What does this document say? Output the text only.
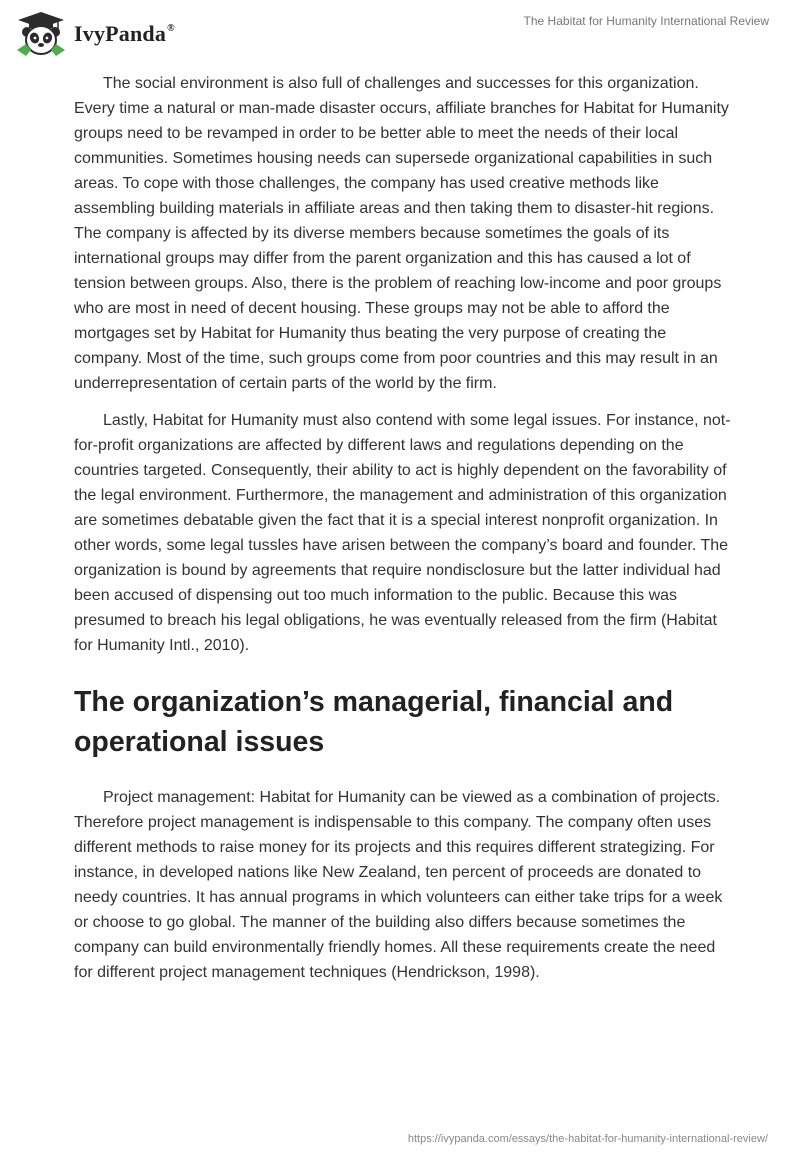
IvyPanda®
The Habitat for Humanity International Review

The social environment is also full of challenges and successes for this organization. Every time a natural or man-made disaster occurs, affiliate branches for Habitat for Humanity groups need to be revamped in order to be better able to meet the needs of their local communities. Sometimes housing needs can supersede organizational capabilities in such areas. To cope with those challenges, the company has used creative methods like assembling building materials in affiliate areas and then taking them to disaster-hit regions. The company is affected by its diverse members because sometimes the goals of its international groups may differ from the parent organization and this has caused a lot of tension between groups. Also, there is the problem of reaching low-income and poor groups who are most in need of decent housing. These groups may not be able to afford the mortgages set by Habitat for Humanity thus beating the very purpose of creating the company. Most of the time, such groups come from poor countries and this may result in an underrepresentation of certain parts of the world by the firm.

Lastly, Habitat for Humanity must also contend with some legal issues. For instance, not-for-profit organizations are affected by different laws and regulations depending on the countries targeted. Consequently, their ability to act is highly dependent on the favorability of the legal environment. Furthermore, the management and administration of this organization are sometimes debatable given the fact that it is a special interest nonprofit organization. In other words, some legal tussles have arisen between the company’s board and founder. The organization is bound by agreements that require nondisclosure but the latter individual had been accused of dispensing out too much information to the public. Because this was presumed to breach his legal obligations, he was eventually released from the firm (Habitat for Humanity Intl., 2010).

The organization’s managerial, financial and operational issues

Project management: Habitat for Humanity can be viewed as a combination of projects. Therefore project management is indispensable to this company. The company often uses different methods to raise money for its projects and this requires different strategizing. For instance, in developed nations like New Zealand, ten percent of proceeds are donated to needy countries. It has annual programs in which volunteers can either take trips for a week or choose to go global. The manner of the building also differs because sometimes the company can build environmentally friendly homes. All these requirements create the need for different project management techniques (Hendrickson, 1998).

https://ivypanda.com/essays/the-habitat-for-humanity-international-review/
